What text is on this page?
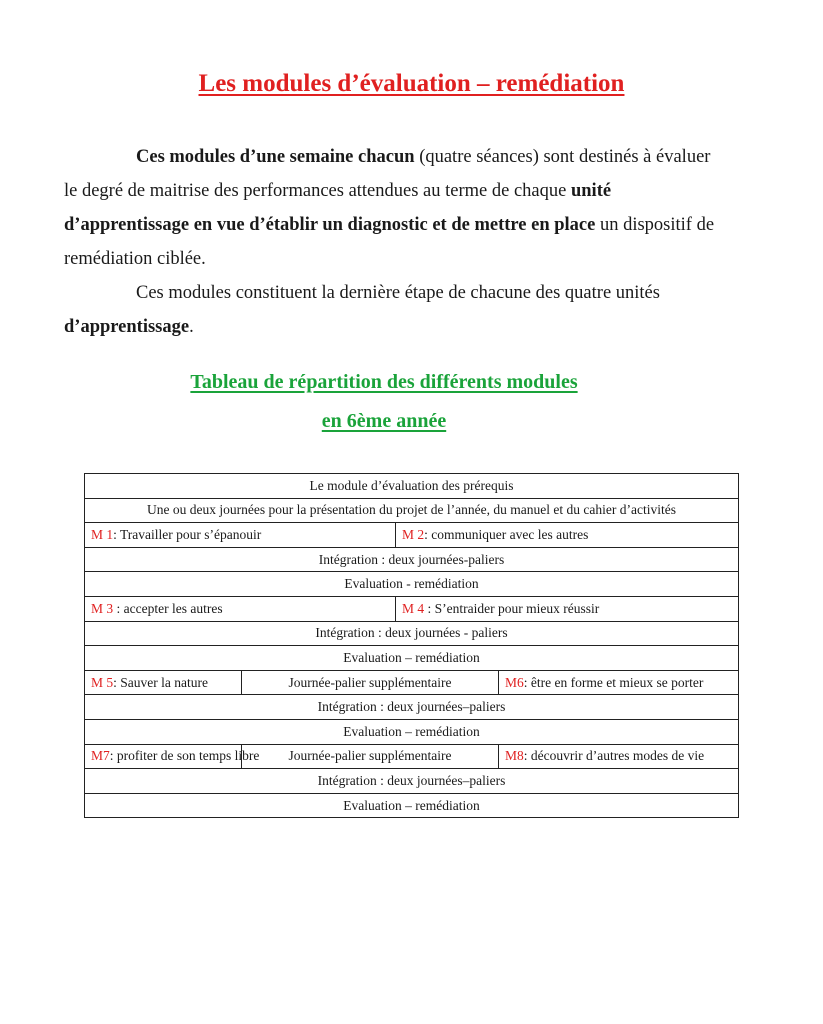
Les modules d’évaluation – remédiation

Ces modules d’une semaine chacun (quatre séances) sont destinés à évaluer le degré de maitrise des performances attendues au terme de chaque unité d’apprentissage en vue d’établir un diagnostic et de mettre en place un dispositif de remédiation ciblée.

Ces modules constituent la dernière étape de chacune des quatre unités d’apprentissage.

Tableau de répartition des différents modules
en 6ème année
Le module d’évaluation des prérequis			
Une ou deux journées pour la présentation du projet de l’année, du manuel et du cahier d’activités			
M 1: Travailler pour s’épanouir		M 2: communiquer avec les autres	
Intégration : deux journées-paliers			
Evaluation - remédiation			
M 3 : accepter les autres		M 4 : S’entraider pour mieux réussir	
Intégration : deux journées - paliers			
Evaluation – remédiation			
M 5: Sauver la nature	Journée-palier supplémentaire		M6: être en forme et mieux se porter
Intégration : deux journées–paliers			
Evaluation – remédiation			
M7: profiter de son temps libre	Journée-palier supplémentaire		M8: découvrir d’autres modes de vie
Intégration : deux journées–paliers			
Evaluation – remédiation			
